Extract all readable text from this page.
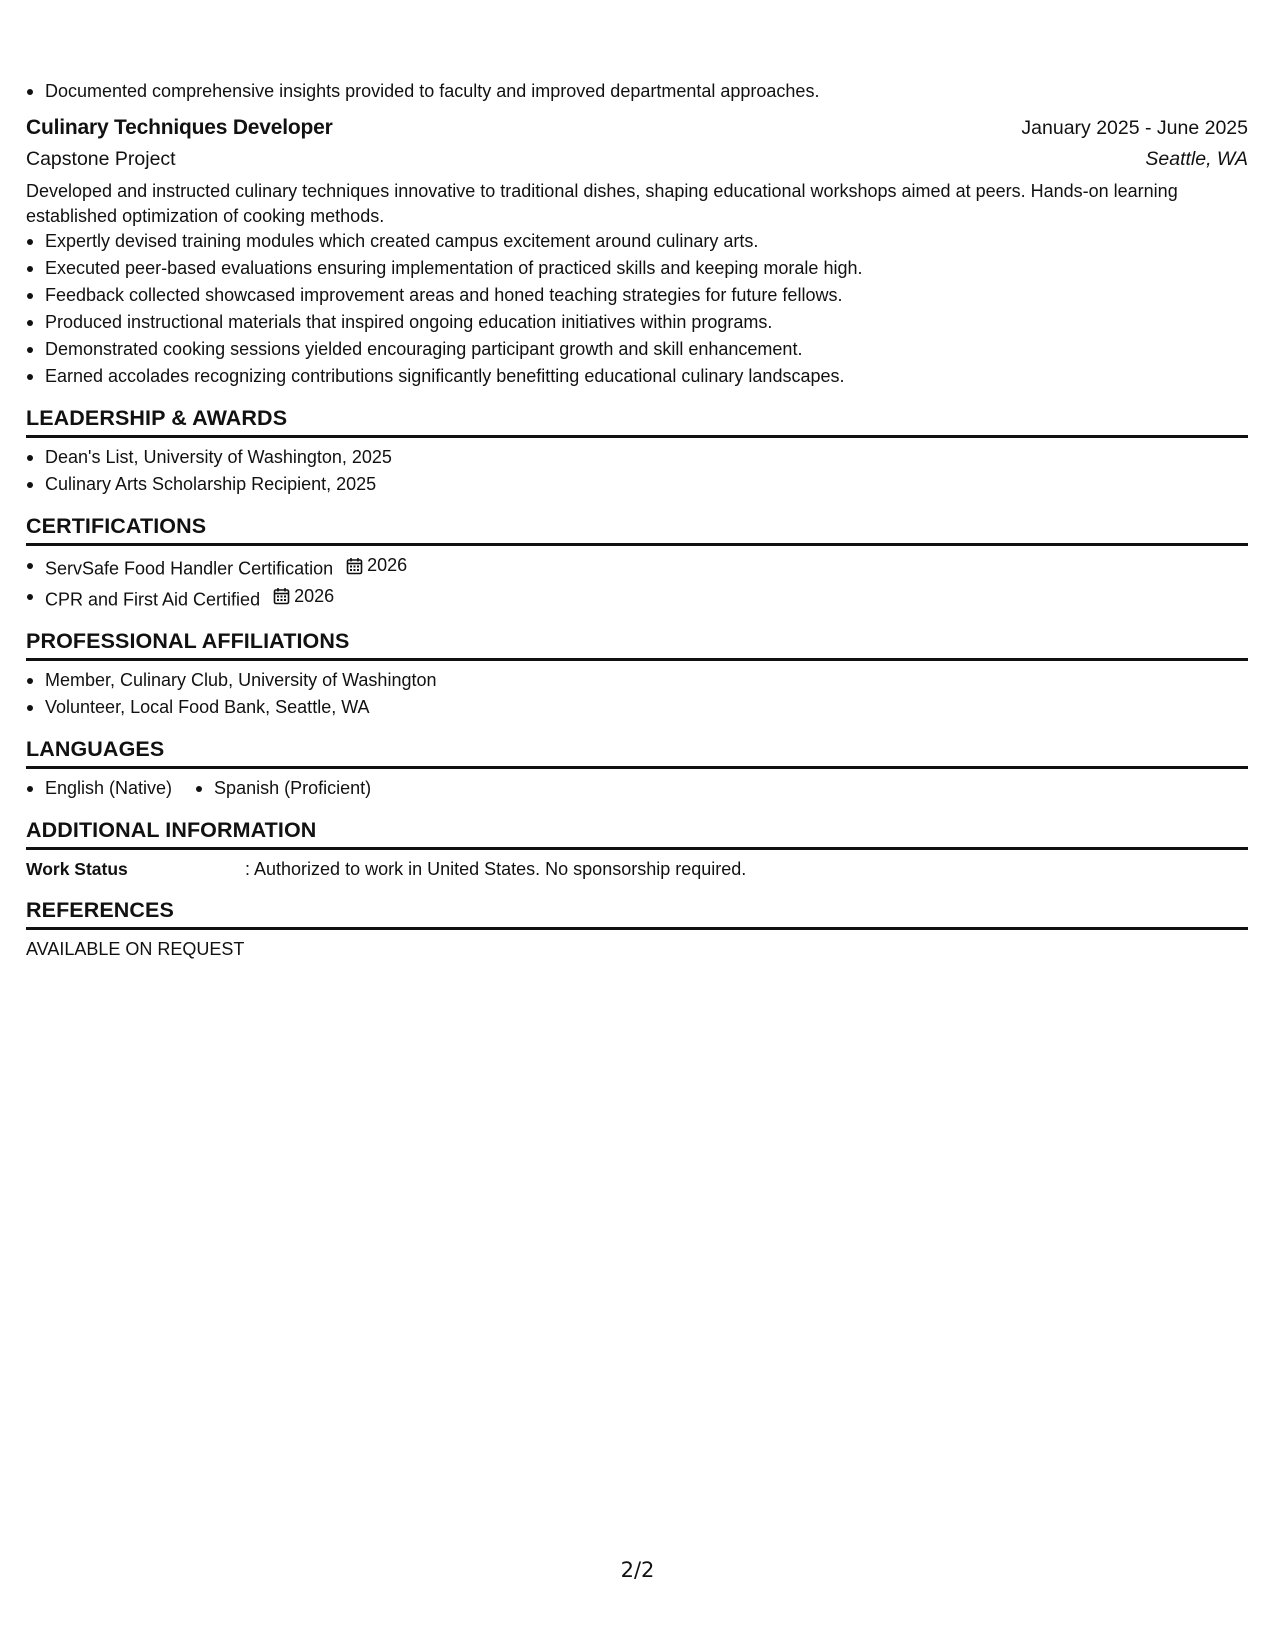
Documented comprehensive insights provided to faculty and improved departmental approaches.
Culinary Techniques Developer	January 2025 - June 2025
Capstone Project	Seattle, WA
Developed and instructed culinary techniques innovative to traditional dishes, shaping educational workshops aimed at peers. Hands-on learning established optimization of cooking methods.
Expertly devised training modules which created campus excitement around culinary arts.
Executed peer-based evaluations ensuring implementation of practiced skills and keeping morale high.
Feedback collected showcased improvement areas and honed teaching strategies for future fellows.
Produced instructional materials that inspired ongoing education initiatives within programs.
Demonstrated cooking sessions yielded encouraging participant growth and skill enhancement.
Earned accolades recognizing contributions significantly benefitting educational culinary landscapes.
LEADERSHIP & AWARDS
Dean's List, University of Washington, 2025
Culinary Arts Scholarship Recipient, 2025
CERTIFICATIONS
ServSafe Food Handler Certification 2026
CPR and First Aid Certified 2026
PROFESSIONAL AFFILIATIONS
Member, Culinary Club, University of Washington
Volunteer, Local Food Bank, Seattle, WA
LANGUAGES
English (Native)	Spanish (Proficient)
ADDITIONAL INFORMATION
Work Status	: Authorized to work in United States. No sponsorship required.
REFERENCES
AVAILABLE ON REQUEST
2/2
